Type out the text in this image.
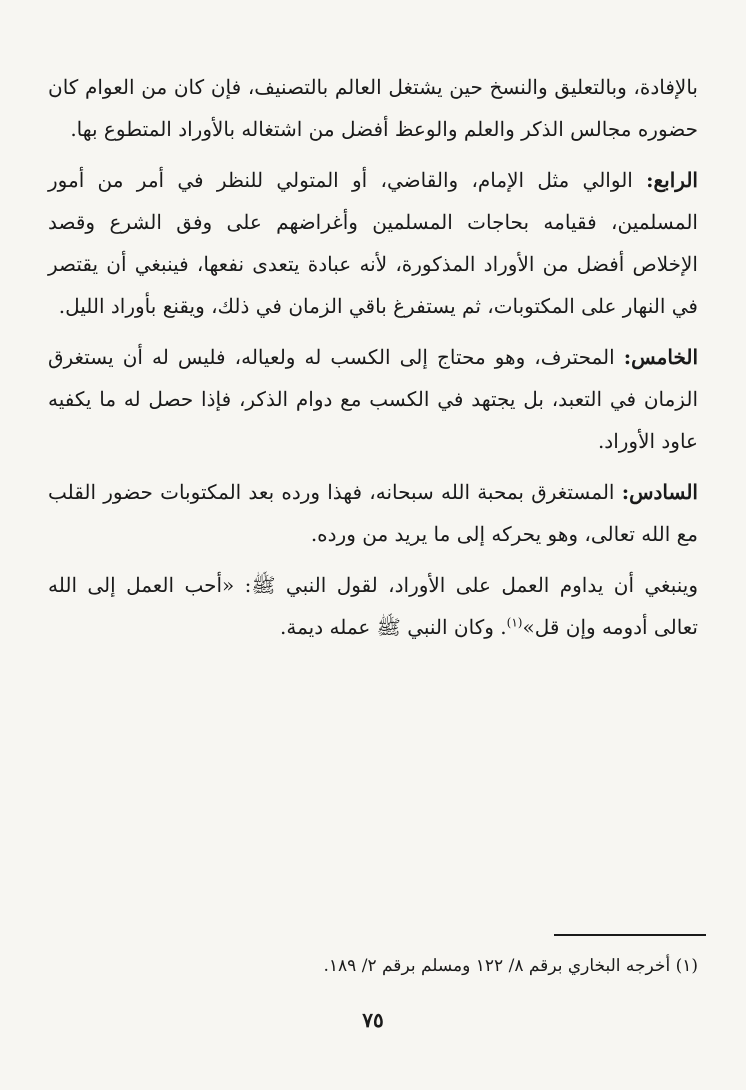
بالإفادة، وبالتعليق والنسخ حين يشتغل العالم بالتصنيف، فإن كان من العوام كان حضوره مجالس الذكر والعلم والوعظ أفضل من اشتغاله بالأوراد المتطوع بها.

الرابع: الوالي مثل الإمام، والقاضي، أو المتولي للنظر في أمر من أمور المسلمين، فقيامه بحاجات المسلمين وأغراضهم على وفق الشرع وقصد الإخلاص أفضل من الأوراد المذكورة، لأنه عبادة يتعدى نفعها، فينبغي أن يقتصر في النهار على المكتوبات، ثم يستفرغ باقي الزمان في ذلك، ويقنع بأوراد الليل.

الخامس: المحترف، وهو محتاج إلى الكسب له ولعياله، فليس له أن يستغرق الزمان في التعبد، بل يجتهد في الكسب مع دوام الذكر، فإذا حصل له ما يكفيه عاود الأوراد.

السادس: المستغرق بمحبة الله سبحانه، فهذا ورده بعد المكتوبات حضور القلب مع الله تعالى، وهو يحركه إلى ما يريد من ورده.

وينبغي أن يداوم العمل على الأوراد، لقول النبي ﷺ: «أحب العمل إلى الله تعالى أدومه وإن قل»$^{(١)}$. وكان النبي ﷺ عمله ديمة.

(١) أخرجه البخاري برقم ٨/ ١٢٢ ومسلم برقم ٢/ ١٨٩.
٧٥
